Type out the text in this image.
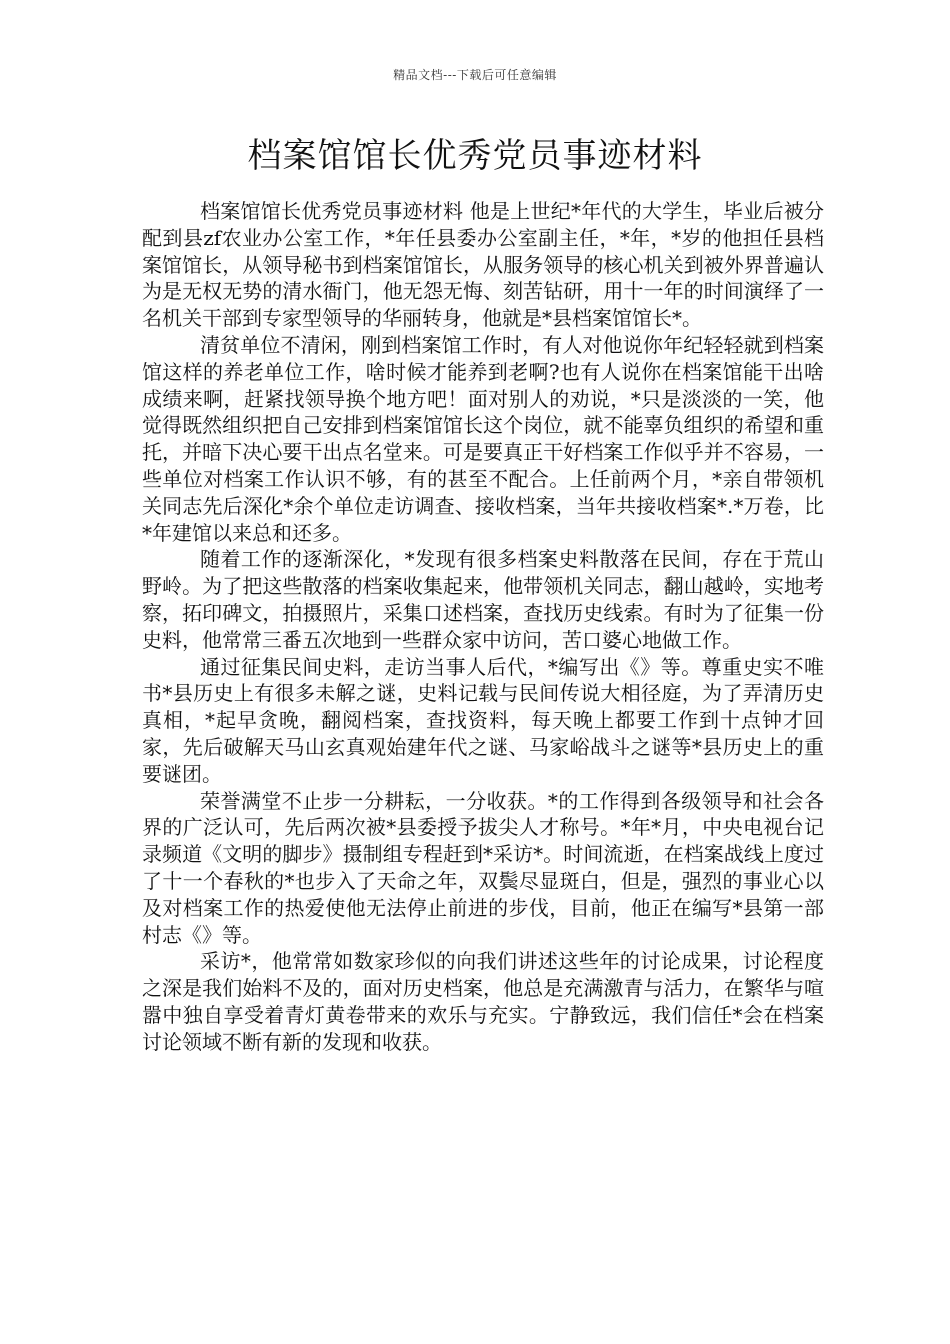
精品文档---下载后可任意编辑
档案馆馆长优秀党员事迹材料

档案馆馆长优秀党员事迹材料 他是上世纪*年代的大学生，毕业后被分配到县zf农业办公室工作，*年任县委办公室副主任，*年，*岁的他担任县档案馆馆长，从领导秘书到档案馆馆长，从服务领导的核心机关到被外界普遍认为是无权无势的清水衙门，他无怨无悔、刻苦钻研，用十一年的时间演绎了一名机关干部到专家型领导的华丽转身，他就是*县档案馆馆长*。

清贫单位不清闲，刚到档案馆工作时，有人对他说你年纪轻轻就到档案馆这样的养老单位工作，啥时候才能养到老啊?也有人说你在档案馆能干出啥成绩来啊，赶紧找领导换个地方吧！面对别人的劝说，*只是淡淡的一笑，他觉得既然组织把自己安排到档案馆馆长这个岗位，就不能辜负组织的希望和重托，并暗下决心要干出点名堂来。可是要真正干好档案工作似乎并不容易，一些单位对档案工作认识不够，有的甚至不配合。上任前两个月，*亲自带领机关同志先后深化*余个单位走访调查、接收档案，当年共接收档案*.*万卷，比*年建馆以来总和还多。

随着工作的逐渐深化，*发现有很多档案史料散落在民间，存在于荒山野岭。为了把这些散落的档案收集起来，他带领机关同志，翻山越岭，实地考察，拓印碑文，拍摄照片，采集口述档案，查找历史线索。有时为了征集一份史料，他常常三番五次地到一些群众家中访问，苦口婆心地做工作。

通过征集民间史料，走访当事人后代，*编写出《》等。尊重史实不唯书*县历史上有很多未解之谜，史料记载与民间传说大相径庭，为了弄清历史真相，*起早贪晚，翻阅档案，查找资料，每天晚上都要工作到十点钟才回家，先后破解天马山玄真观始建年代之谜、马家峪战斗之谜等*县历史上的重要谜团。

荣誉满堂不止步一分耕耘，一分收获。*的工作得到各级领导和社会各界的广泛认可，先后两次被*县委授予拔尖人才称号。*年*月，中央电视台记录频道《文明的脚步》摄制组专程赶到*采访*。时间流逝，在档案战线上度过了十一个春秋的*也步入了天命之年，双鬓尽显斑白，但是，强烈的事业心以及对档案工作的热爱使他无法停止前进的步伐，目前，他正在编写*县第一部村志《》等。

采访*，他常常如数家珍似的向我们讲述这些年的讨论成果，讨论程度之深是我们始料不及的，面对历史档案，他总是充满激青与活力，在繁华与喧嚣中独自享受着青灯黄卷带来的欢乐与充实。宁静致远，我们信任*会在档案讨论领域不断有新的发现和收获。
